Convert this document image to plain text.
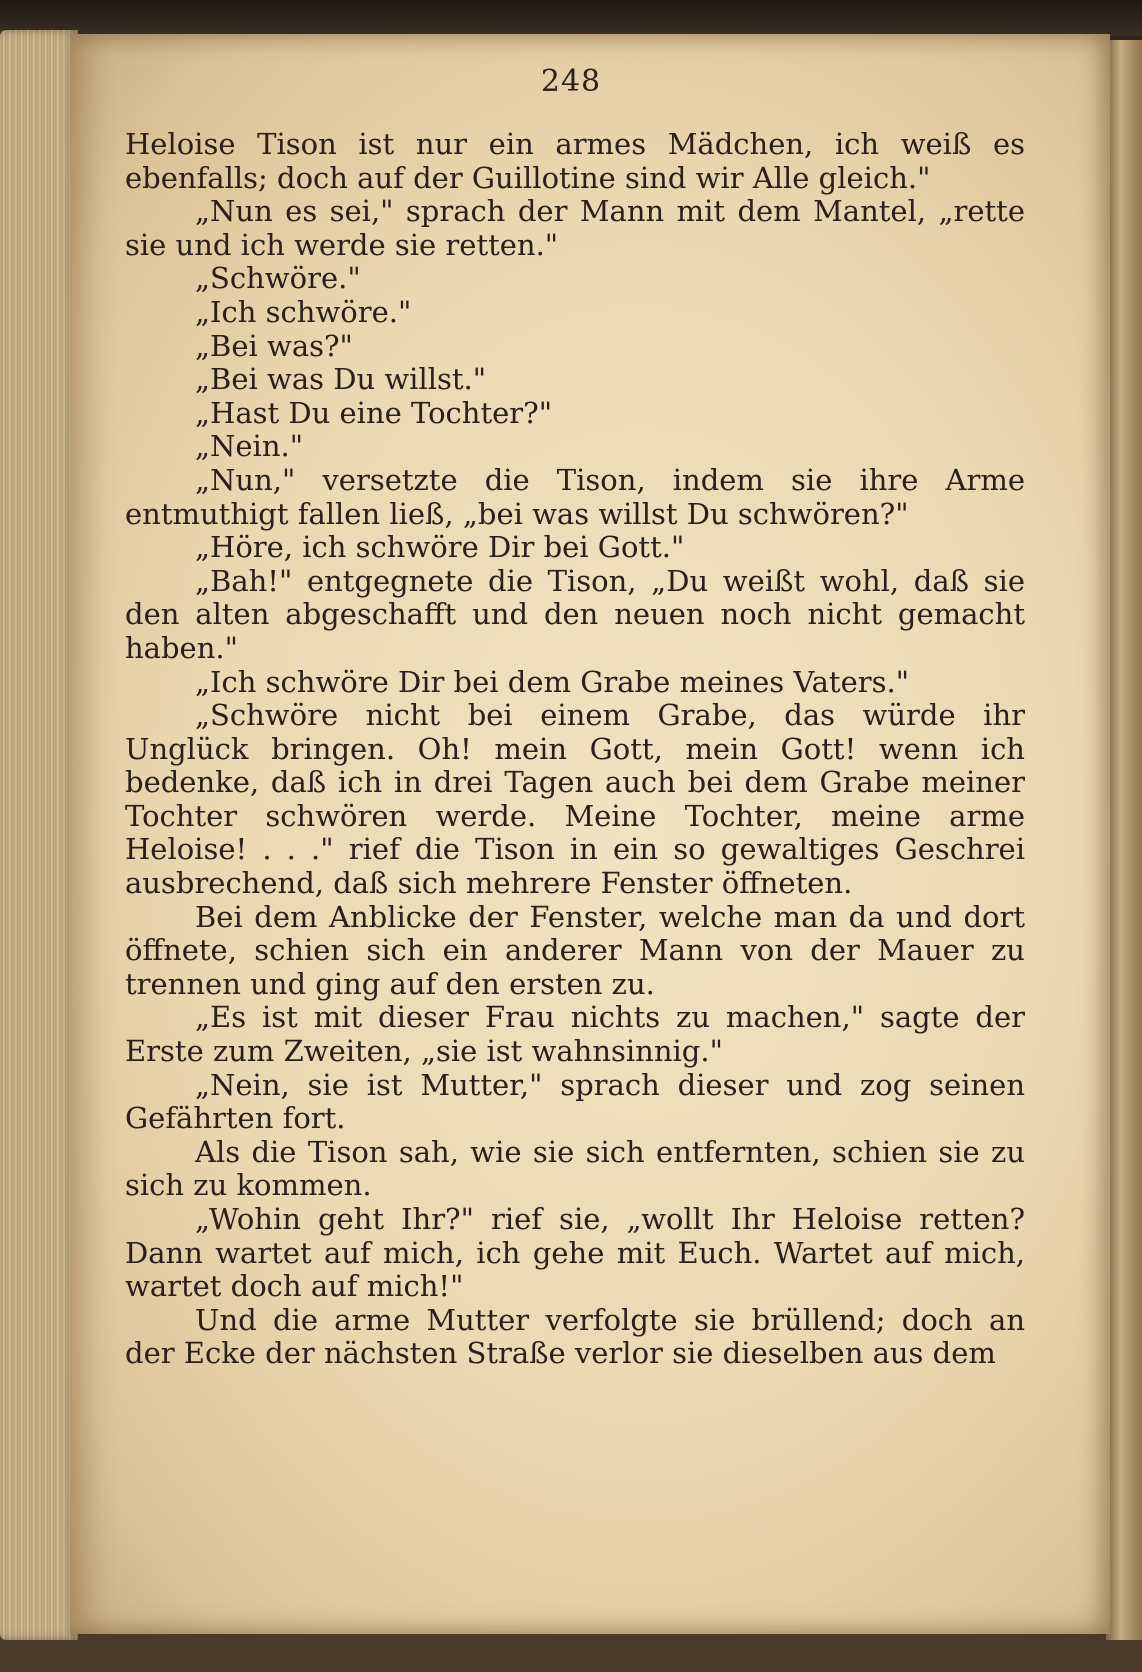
248

Heloise Tison ist nur ein armes Mädchen, ich weiß es ebenfalls; doch auf der Guillotine sind wir Alle gleich."

„Nun es sei," sprach der Mann mit dem Mantel, „rette sie und ich werde sie retten."

„Schwöre."

„Ich schwöre."

„Bei was?"

„Bei was Du willst."

„Hast Du eine Tochter?"

„Nein."

„Nun," versetzte die Tison, indem sie ihre Arme entmuthigt fallen ließ, „bei was willst Du schwören?"

„Höre, ich schwöre Dir bei Gott."

„Bah!" entgegnete die Tison, „Du weißt wohl, daß sie den alten abgeschafft und den neuen noch nicht gemacht haben."

„Ich schwöre Dir bei dem Grabe meines Vaters."

„Schwöre nicht bei einem Grabe, das würde ihr Unglück bringen. Oh! mein Gott, mein Gott! wenn ich bedenke, daß ich in drei Tagen auch bei dem Grabe meiner Tochter schwören werde. Meine Tochter, meine arme Heloise! . . ." rief die Tison in ein so gewaltiges Geschrei ausbrechend, daß sich mehrere Fenster öffneten.

Bei dem Anblicke der Fenster, welche man da und dort öffnete, schien sich ein anderer Mann von der Mauer zu trennen und ging auf den ersten zu.

„Es ist mit dieser Frau nichts zu machen," sagte der Erste zum Zweiten, „sie ist wahnsinnig."

„Nein, sie ist Mutter," sprach dieser und zog seinen Gefährten fort.

Als die Tison sah, wie sie sich entfernten, schien sie zu sich zu kommen.

„Wohin geht Ihr?" rief sie, „wollt Ihr Heloise retten? Dann wartet auf mich, ich gehe mit Euch. Wartet auf mich, wartet doch auf mich!"

Und die arme Mutter verfolgte sie brüllend; doch an der Ecke der nächsten Straße verlor sie dieselben aus dem
